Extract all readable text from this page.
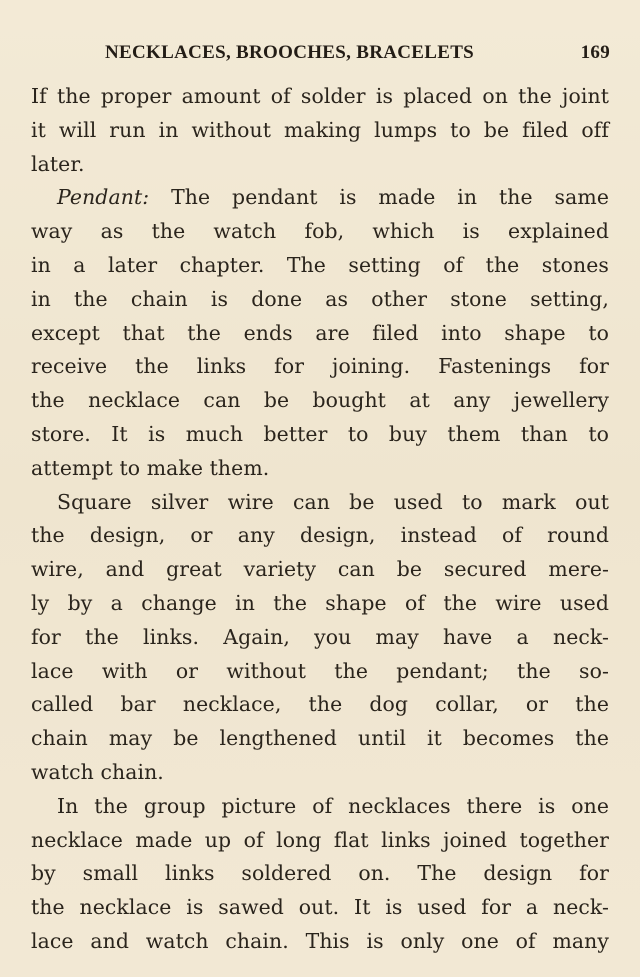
NECKLACES, BROOCHES, BRACELETS	169
If the proper amount of solder is placed on the joint
it will run in without making lumps to be filed off
later.
Pendant: The pendant is made in the same
way as the watch fob, which is explained
in a later chapter. The setting of the stones
in the chain is done as other stone setting,
except that the ends are filed into shape to
receive the links for joining. Fastenings for
the necklace can be bought at any jewellery
store. It is much better to buy them than to
attempt to make them.
Square silver wire can be used to mark out
the design, or any design, instead of round
wire, and great variety can be secured mere-
ly by a change in the shape of the wire used
for the links. Again, you may have a neck-
lace with or without the pendant; the so-
called bar necklace, the dog collar, or the
chain may be lengthened until it becomes the
watch chain.
In the group picture of necklaces there is one
necklace made up of long flat links joined together
by small links soldered on. The design for
the necklace is sawed out. It is used for a neck-
lace and watch chain. This is only one of many
